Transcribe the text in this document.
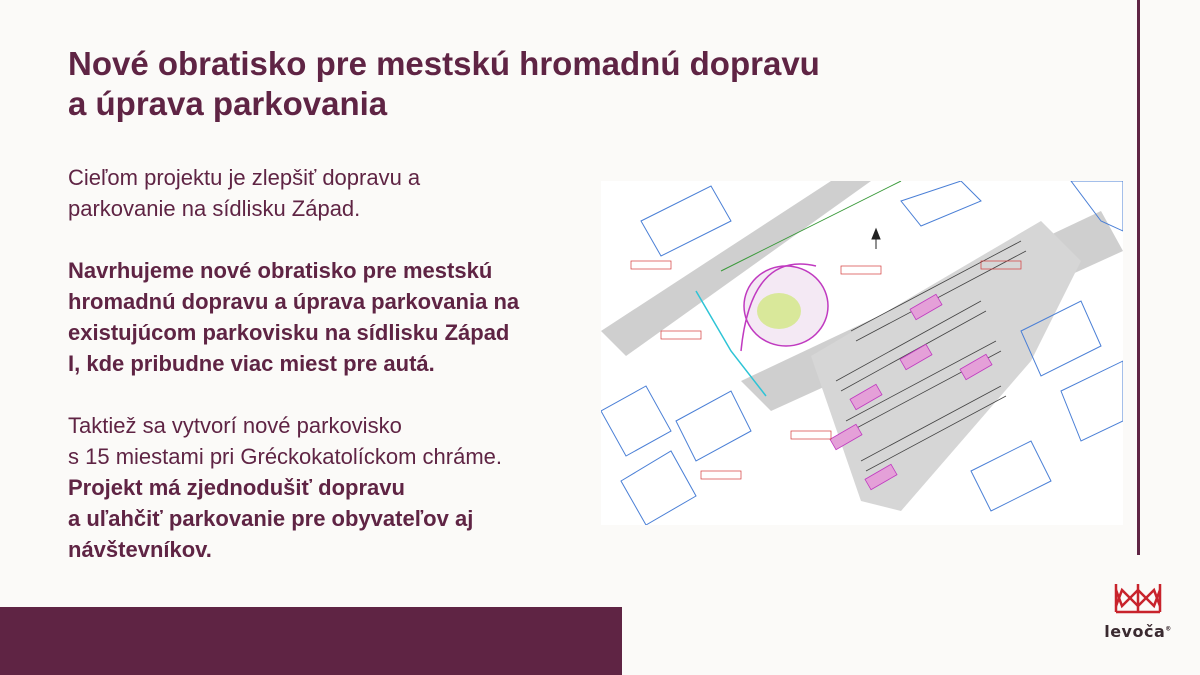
Nové obratisko pre mestskú hromadnú dopravu
a úprava parkovania

Cieľom projektu je zlepšiť dopravu a
parkovanie na sídlisku Západ.

Navrhujeme nové obratisko pre mestskú
hromadnú dopravu a úprava parkovania na
existujúcom parkovisku na sídlisku Západ
I, kde pribudne viac miest pre autá.

Taktiež sa vytvorí nové parkovisko
s 15 miestami pri Gréckokatolíckom chráme.
Projekt má zjednodušiť dopravu
a uľahčiť parkovanie pre obyvateľov aj
návštevníkov.

levoča®
